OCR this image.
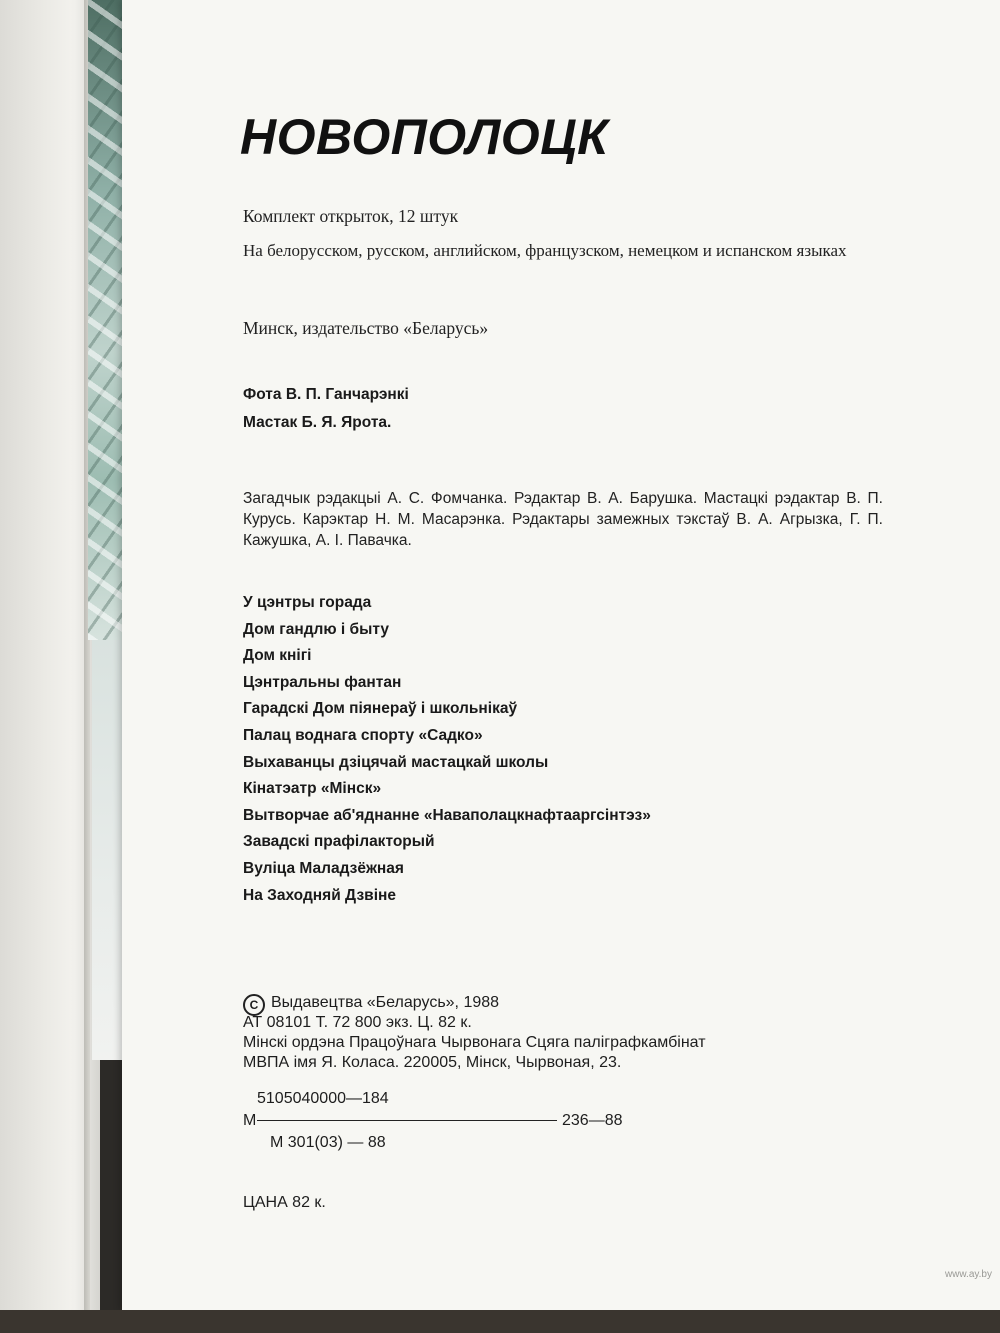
НОВОПОЛОЦК

Комплект открыток, 12 штук

На белорусском, русском, английском, французском, немецком и испанском языках

Минск, издательство «Беларусь»

Фота В. П. Ганчарэнкі

Мастак Б. Я. Ярота.

Загадчык рэдакцыі А. С. Фомчанка. Рэдактар В. А. Барушка. Мастацкі рэдактар В. П. Курусь. Карэктар Н. М. Масарэнка. Рэдактары замежных тэкстаў В. А. Агрызка, Г. П. Кажушка, А. І. Павачка.

У цэнтры горада
Дом гандлю і быту
Дом кнігі
Цэнтральны фантан
Гарадскі Дом піянераў і школьнікаў
Палац воднага спорту «Садко»
Выхаванцы дзіцячай мастацкай школы
Кінатэатр «Мінск»
Вытворчае аб'яднанне «Наваполацкнафтааргсінтэз»
Завадскі прафілакторый
Вуліца Маладзёжная
На Заходняй Дзвіне

C Выдавецтва «Беларусь», 1988

АТ 08101 Т. 72 800 экз. Ц. 82 к.

Мінскі ордэна Працоўнага Чырвонага Сцяга паліграфкамбінат

МВПА імя Я. Коласа. 220005, Мінск, Чырвоная, 23.

5105040000—184

М	236—88

М 301(03) — 88

ЦАНА 82 к.

www.ay.by
